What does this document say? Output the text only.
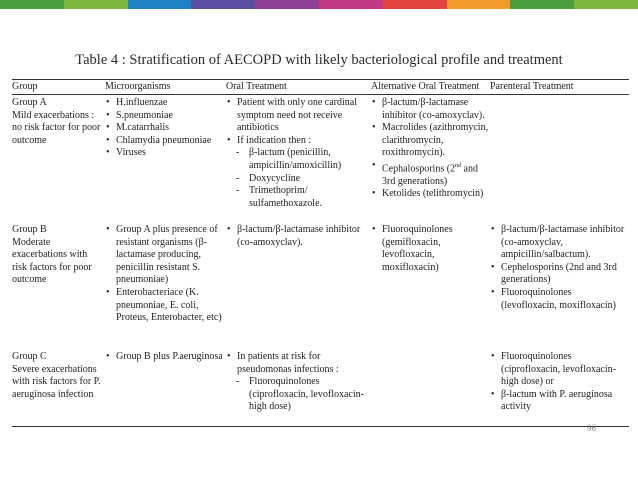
Table 4 : Stratification of AECOPD with likely bacteriological profile and treatment
Group	Microorganisms	Oral Treatment	Alternative Oral Treatment	Parenteral Treatment
Group A
Mild exacerbations :
no risk factor for poor
outcome
• H.influenzae
• S.pneumoniae
• M.catarrhalis
• Chlamydia pneumoniae
• Viruses
• Patient with only one cardinal symptom need not receive antibiotics
• If indication then :
- β-lactum (penicillin, ampicillin/amoxicillin)
- Doxycycline
- Trimethoprim/ sulfamethoxazole.
• β-lactum/β-lactamase inhibitor (co-amoxyclav).
• Macrolides (azithromycin, clarithromycin, roxithromycin).
• Cephalosporins (2nd and 3rd generations)
• Ketolides (telithromycin)
Group B
Moderate
exacerbations with
risk factors for poor
outcome
• Group A plus presence of resistant organisms (β-lactamase producing, penicillin resistant S. pneumoniae)
• Enterobacteriace (K. pneumoniae, E. coli, Proteus, Enterobacter, etc)
• β-lactum/β-lactamase inhibitor (co-amoxyclav).
• Fluoroquinolones (gemifloxacin, levofloxacin, moxifloxacin)
• β-lactum/β-lactamase inhibitor (co-amoxyclav, ampicillin/salbactum).
• Cephelosporins (2nd and 3rd generations)
• Fluoroquinolones (levofloxacin, moxifloxacin)
Group C
Severe exacerbations
with risk factors for P.
aeruginosa infection
• Group B plus P.aeruginosa
•	In patients at risk for pseudomonas infections :
- Fluoroquinolones (ciprofloxacin, levofloxacin-high dose)
• Fluoroquinolones (ciprofloxacin, levofloxacin- high dose) or
• β-lactum with P. aeruginosa activity
96
